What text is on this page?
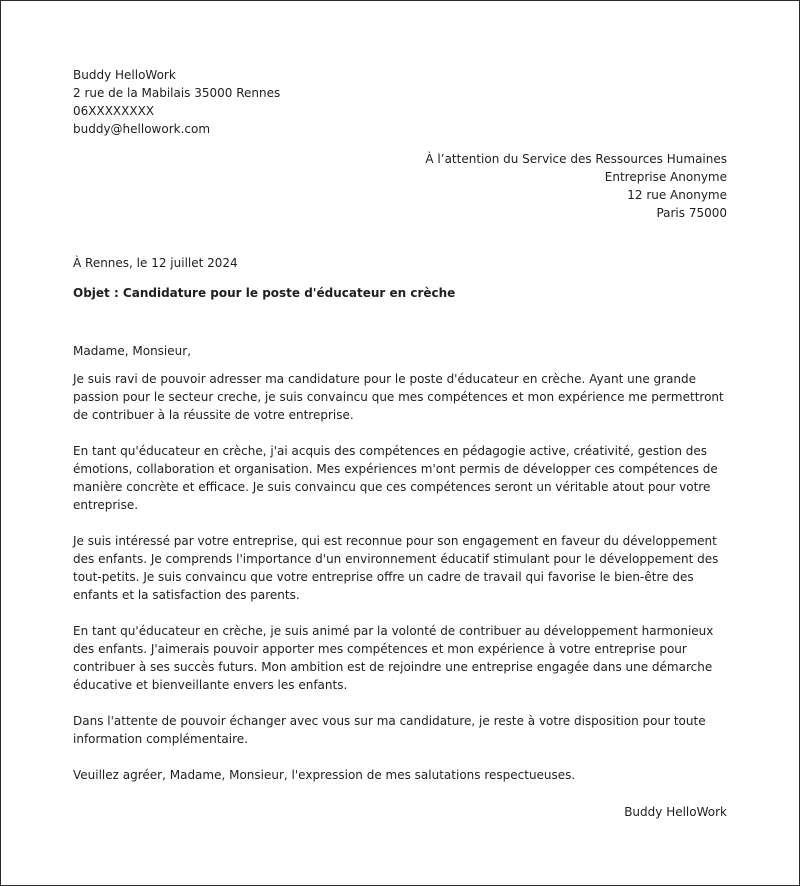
Buddy HelloWork
2 rue de la Mabilais 35000 Rennes
06XXXXXXXX
buddy@hellowork.com
À l’attention du Service des Ressources Humaines
Entreprise Anonyme
12 rue Anonyme
Paris 75000
À Rennes, le 12 juillet 2024
Objet : Candidature pour le poste d'éducateur en crèche

Madame, Monsieur,

Je suis ravi de pouvoir adresser ma candidature pour le poste d'éducateur en crèche. Ayant une grande passion pour le secteur creche, je suis convaincu que mes compétences et mon expérience me permettront de contribuer à la réussite de votre entreprise.

En tant qu'éducateur en crèche, j'ai acquis des compétences en pédagogie active, créativité, gestion des émotions, collaboration et organisation. Mes expériences m'ont permis de développer ces compétences de manière concrète et efficace. Je suis convaincu que ces compétences seront un véritable atout pour votre entreprise.

Je suis intéressé par votre entreprise, qui est reconnue pour son engagement en faveur du développement des enfants. Je comprends l'importance d'un environnement éducatif stimulant pour le développement des tout-petits. Je suis convaincu que votre entreprise offre un cadre de travail qui favorise le bien-être des enfants et la satisfaction des parents.

En tant qu'éducateur en crèche, je suis animé par la volonté de contribuer au développement harmonieux des enfants. J'aimerais pouvoir apporter mes compétences et mon expérience à votre entreprise pour contribuer à ses succès futurs. Mon ambition est de rejoindre une entreprise engagée dans une démarche éducative et bienveillante envers les enfants.

Dans l'attente de pouvoir échanger avec vous sur ma candidature, je reste à votre disposition pour toute information complémentaire.

Veuillez agréer, Madame, Monsieur, l'expression de mes salutations respectueuses.

Buddy HelloWork
